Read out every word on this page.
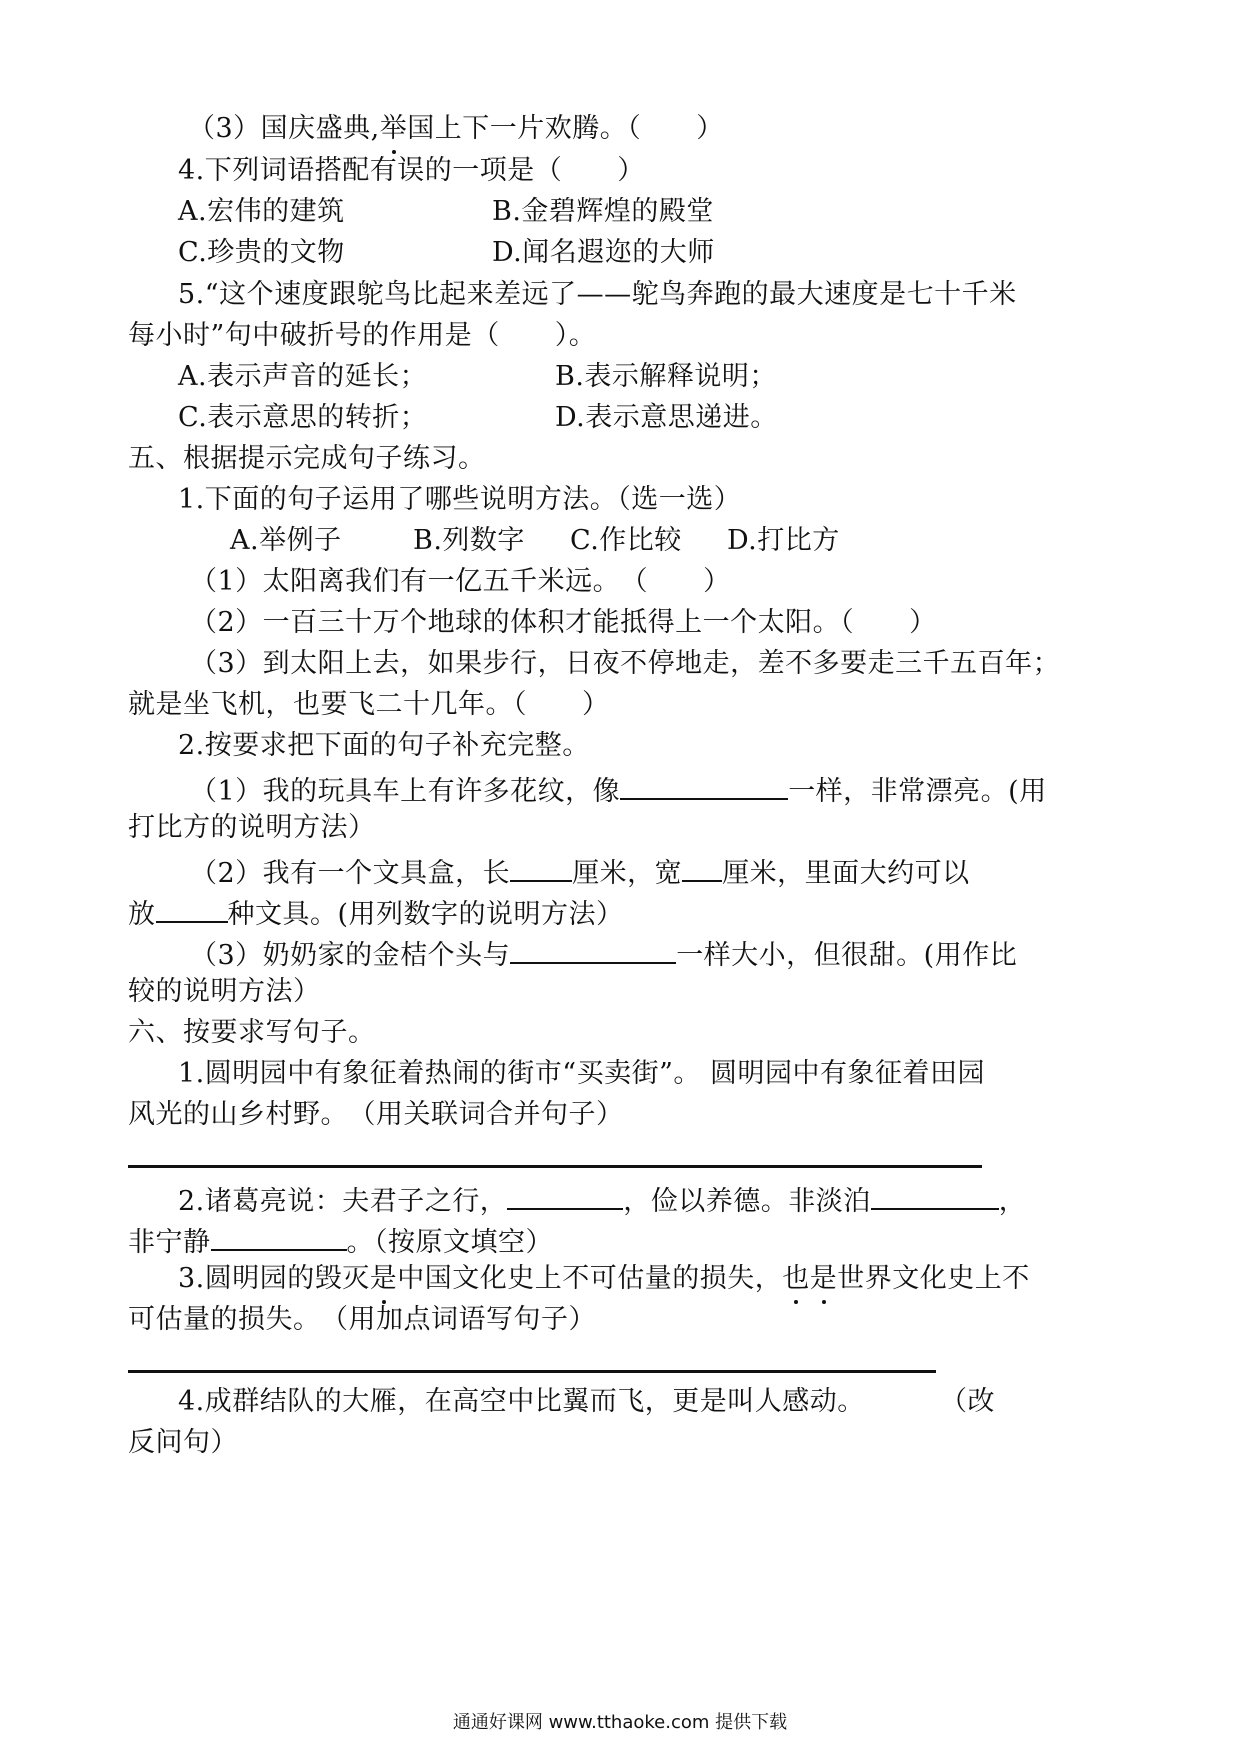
（3）国庆盛典,举国上下一片欢腾。（　　）
4.下列词语搭配有误的一项是（　　）
A.宏伟的建筑	B.金碧辉煌的殿堂
C.珍贵的文物	D.闻名遐迩的大师
5.“这个速度跟鸵鸟比起来差远了——鸵鸟奔跑的最大速度是七十千米
每小时”句中破折号的作用是（　　）。
A.表示声音的延长；	B.表示解释说明；
C.表示意思的转折；	D.表示意思递进。
五、根据提示完成句子练习。
1.下面的句子运用了哪些说明方法。（选一选）
A.举例子	B.列数字 C.作比较 D.打比方
（1）太阳离我们有一亿五千米远。　（　　）
（2）一百三十万个地球的体积才能抵得上一个太阳。（　　）
（3）到太阳上去，如果步行，日夜不停地走，差不多要走三千五百年；
就是坐飞机，也要飞二十几年。（　　）
2.按要求把下面的句子补充完整。
（1）我的玩具车上有许多花纹，像	一样，非常漂亮。(用
打比方的说明方法）
（2）我有一个文具盒，长 厘米，宽 厘米，里面大约可以
放	种文具。(用列数字的说明方法）
（3）奶奶家的金桔个头与	一样大小，但很甜。(用作比
较的说明方法）
六、按要求写句子。
1.圆明园中有象征着热闹的街市“买卖街”。 圆明园中有象征着田园
风光的山乡村野。　（用关联词合并句子）
2.诸葛亮说：夫君子之行，	，俭以养德。非淡泊	，
非宁静	。（按原文填空）
3.圆明园的毁灭是中国文化史上不可估量的损失，也是世界文化史上不
可估量的损失。　（用加点词语写句子）
4.成群结队的大雁，在高空中比翼而飞，更是叫人感动。	（改
反问句）
通通好课网 www.tthaoke.com 提供下载
